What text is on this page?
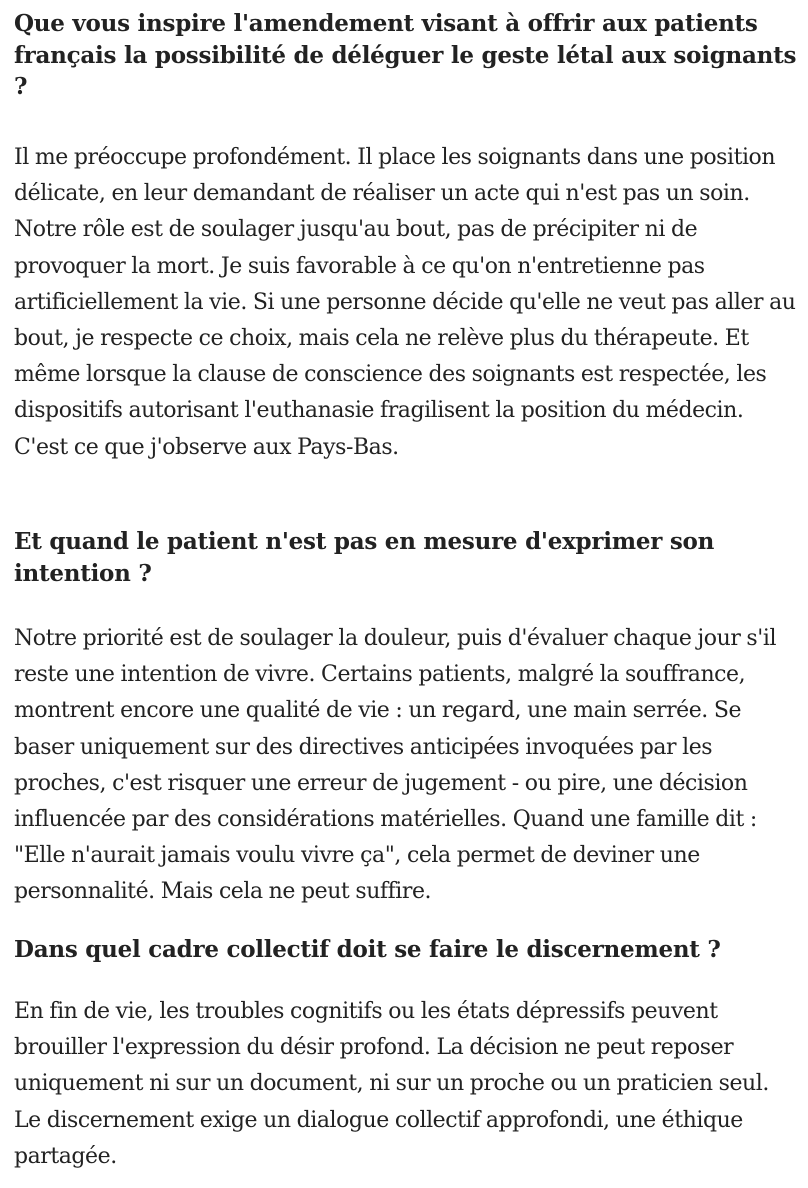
Que vous inspire l'amendement visant à offrir aux patients français la possibilité de déléguer le geste létal aux soignants ?

Il me préoccupe profondément. Il place les soignants dans une position délicate, en leur demandant de réaliser un acte qui n'est pas un soin. Notre rôle est de soulager jusqu'au bout, pas de précipiter ni de provoquer la mort. Je suis favorable à ce qu'on n'entretienne pas artificiellement la vie. Si une personne décide qu'elle ne veut pas aller au bout, je respecte ce choix, mais cela ne relève plus du thérapeute. Et même lorsque la clause de conscience des soignants est respectée, les dispositifs autorisant l'euthanasie fragilisent la position du médecin. C'est ce que j'observe aux Pays-Bas.

Et quand le patient n'est pas en mesure d'exprimer son intention ?

Notre priorité est de soulager la douleur, puis d'évaluer chaque jour s'il reste une intention de vivre. Certains patients, malgré la souffrance, montrent encore une qualité de vie : un regard, une main serrée. Se baser uniquement sur des directives anticipées invoquées par les proches, c'est risquer une erreur de jugement - ou pire, une décision influencée par des considérations matérielles. Quand une famille dit : "Elle n'aurait jamais voulu vivre ça", cela permet de deviner une personnalité. Mais cela ne peut suffire.

Dans quel cadre collectif doit se faire le discernement ?

En fin de vie, les troubles cognitifs ou les états dépressifs peuvent brouiller l'expression du désir profond. La décision ne peut reposer uniquement ni sur un document, ni sur un proche ou un praticien seul. Le discernement exige un dialogue collectif approfondi, une éthique partagée.
